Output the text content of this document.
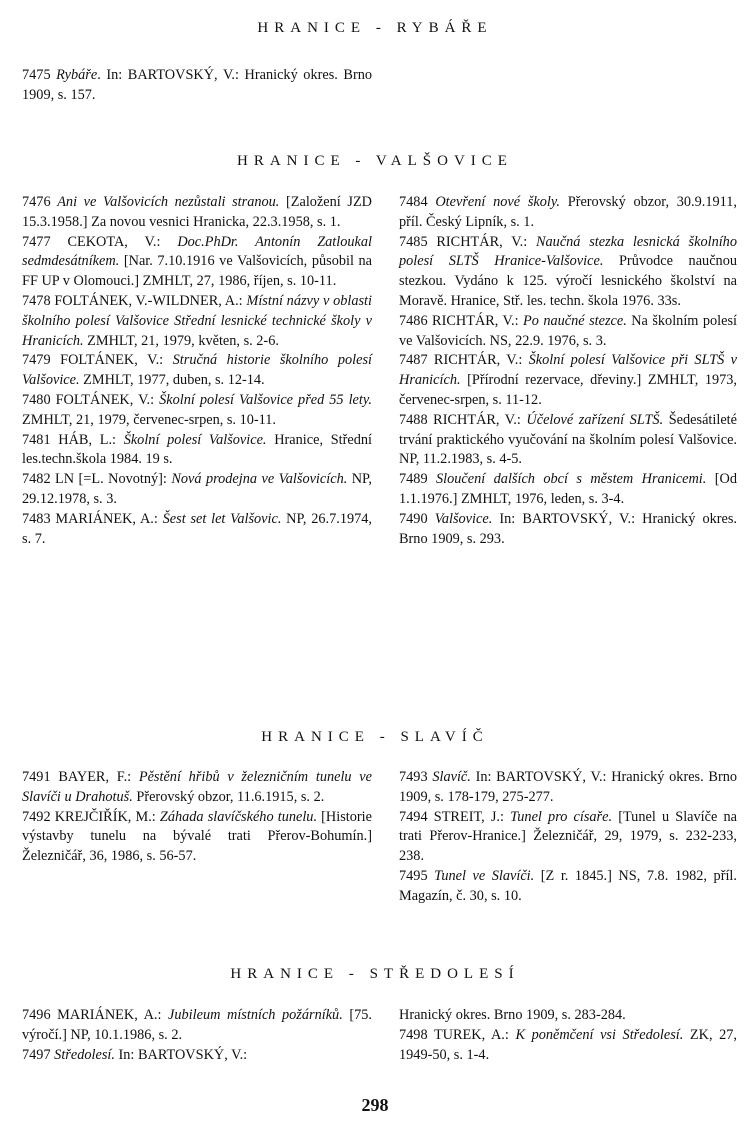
HRANICE - RYBÁŘE

7475 Rybáře. In: BARTOVSKÝ, V.: Hranický okres. Brno 1909, s. 157.

HRANICE - VALŠOVICE

7476 Ani ve Valšovicích nezůstali stranou. [Založení JZD 15.3.1958.] Za novou vesnici Hranicka, 22.3.1958, s. 1.

7477 CEKOTA, V.: Doc.PhDr. Antonín Zatloukal sedmdesátníkem. [Nar. 7.10.1916 ve Valšovicích, působil na FF UP v Olomouci.] ZMHLT, 27, 1986, říjen, s. 10-11.

7478 FOLTÁNEK, V.-WILDNER, A.: Místní názvy v oblasti školního polesí Valšovice Střední lesnické technické školy v Hranicích. ZMHLT, 21, 1979, květen, s. 2-6.

7479 FOLTÁNEK, V.: Stručná historie školního polesí Valšovice. ZMHLT, 1977, duben, s. 12-14.

7480 FOLTÁNEK, V.: Školní polesí Valšovice před 55 lety. ZMHLT, 21, 1979, červenec-srpen, s. 10-11.

7481 HÁB, L.: Školní polesí Valšovice. Hranice, Střední les.techn.škola 1984. 19 s.

7482 LN [=L. Novotný]: Nová prodejna ve Valšovicích. NP, 29.12.1978, s. 3.

7483 MARIÁNEK, A.: Šest set let Valšovic. NP, 26.7.1974, s. 7.

7484 Otevření nové školy. Přerovský obzor, 30.9.1911, příl. Český Lipník, s. 1.

7485 RICHTÁR, V.: Naučná stezka lesnická školního polesí SLTŠ Hranice-Valšovice. Průvodce naučnou stezkou. Vydáno k 125. výročí lesnického školství na Moravě. Hranice, Stř. les. techn. škola 1976. 33s.

7486 RICHTÁR, V.: Po naučné stezce. Na školním polesí ve Valšovicích. NS, 22.9. 1976, s. 3.

7487 RICHTÁR, V.: Školní polesí Valšovice při SLTŠ v Hranicích. [Přírodní rezervace, dřeviny.] ZMHLT, 1973, červenec-srpen, s. 11-12.

7488 RICHTÁR, V.: Účelové zařízení SLTŠ. Šedesátileté trvání praktického vyučování na školním polesí Valšovice. NP, 11.2.1983, s. 4-5.

7489 Sloučení dalších obcí s městem Hranicemi. [Od 1.1.1976.] ZMHLT, 1976, leden, s. 3-4.

7490 Valšovice. In: BARTOVSKÝ, V.: Hranický okres. Brno 1909, s. 293.

HRANICE - SLAVÍČ

7491 BAYER, F.: Pěstění hřibů v železničním tunelu ve Slavíči u Drahotuš. Přerovský obzor, 11.6.1915, s. 2.

7492 KREJČIŘÍK, M.: Záhada slavíčského tunelu. [Historie výstavby tunelu na bývalé trati Přerov-Bohumín.] Železničář, 36, 1986, s. 56-57.

7493 Slavíč. In: BARTOVSKÝ, V.: Hranický okres. Brno 1909, s. 178-179, 275-277.

7494 STREIT, J.: Tunel pro císaře. [Tunel u Slavíče na trati Přerov-Hranice.] Železničář, 29, 1979, s. 232-233, 238.

7495 Tunel ve Slavíči. [Z r. 1845.] NS, 7.8. 1982, příl. Magazín, č. 30, s. 10.

HRANICE - STŘEDOLESÍ

7496 MARIÁNEK, A.: Jubileum místních požárníků. [75. výročí.] NP, 10.1.1986, s. 2.

7497 Středolesí. In: BARTOVSKÝ, V.:

Hranický okres. Brno 1909, s. 283-284.

7498 TUREK, A.: K poněmčení vsi Středolesí. ZK, 27, 1949-50, s. 1-4.

298
